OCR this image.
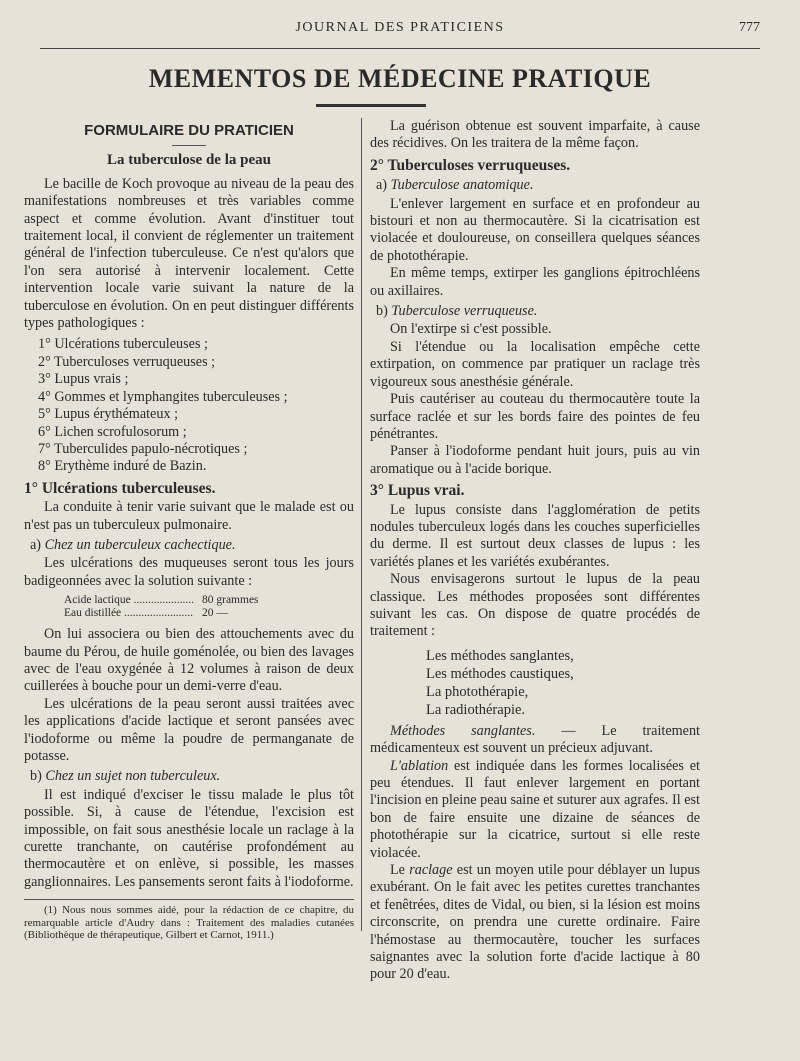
JOURNAL DES PRATICIENS	777
MEMENTOS DE MÉDECINE PRATIQUE
FORMULAIRE DU PRATICIEN
La tuberculose de la peau

Le bacille de Koch provoque au niveau de la peau des manifestations nombreuses et très variables comme aspect et comme évolution. Avant d'instituer tout traitement local, il convient de réglementer un traitement général de l'infection tuberculeuse. Ce n'est qu'alors que l'on sera autorisé à intervenir localement. Cette intervention locale varie suivant la nature de la tuberculose en évolution. On en peut distinguer différents types pathologiques :

1° Ulcérations tuberculeuses ;
2° Tuberculoses verruqueuses ;
3° Lupus vrais ;
4° Gommes et lymphangites tuberculeuses ;
5° Lupus érythémateux ;
6° Lichen scrofulosorum ;
7° Tuberculides papulo-nécrotiques ;
8° Erythème induré de Bazin.
1° Ulcérations tuberculeuses.

La conduite à tenir varie suivant que le malade est ou n'est pas un tuberculeux pulmonaire.

a) Chez un tuberculeux cachectique.

Les ulcérations des muqueuses seront tous les jours badigeonnées avec la solution suivante :

Acide lactique .....	80 grammes
Eau distillée .....	20 —

On lui associera ou bien des attouchements avec du baume du Pérou, de huile goménolée, ou bien des lavages avec de l'eau oxygénée à 12 volumes à raison de deux cuillerées à bouche pour un demi-verre d'eau.

Les ulcérations de la peau seront aussi traitées avec les applications d'acide lactique et seront pansées avec l'iodoforme ou même la poudre de permanganate de potasse.

b) Chez un sujet non tuberculeux.

Il est indiqué d'exciser le tissu malade le plus tôt possible. Si, à cause de l'étendue, l'excision est impossible, on fait sous anesthésie locale un raclage à la curette tranchante, on cautérise profondément au thermocautère et on enlève, si possible, les masses ganglionnaires. Les pansements seront faits à l'iodoforme.

(1) Nous nous sommes aidé, pour la rédaction de ce chapitre, du remarquable article d'Audry dans : Traitement des maladies cutanées (Bibliothèque de thérapeutique, Gilbert et Carnot, 1911.)

La guérison obtenue est souvent imparfaite, à cause des récidives. On les traitera de la même façon.

2° Tuberculoses verruqueuses.
a) Tuberculose anatomique.

L'enlever largement en surface et en profondeur au bistouri et non au thermocautère. Si la cicatrisation est violacée et douloureuse, on conseillera quelques séances de photothérapie.

En même temps, extirper les ganglions épitrochléens ou axillaires.

b) Tuberculose verruqueuse.

On l'extirpe si c'est possible.

Si l'étendue ou la localisation empêche cette extirpation, on commence par pratiquer un raclage très vigoureux sous anesthésie générale.

Puis cautériser au couteau du thermocautère toute la surface raclée et sur les bords faire des pointes de feu pénétrantes.

Panser à l'iodoforme pendant huit jours, puis au vin aromatique ou à l'acide borique.

3° Lupus vrai.

Le lupus consiste dans l'agglomération de petits nodules tuberculeux logés dans les couches superficielles du derme. Il est surtout deux classes de lupus : les variétés planes et les variétés exubérantes.

Nous envisagerons surtout le lupus de la peau classique. Les méthodes proposées sont différentes suivant les cas. On dispose de quatre procédés de traitement :

Les méthodes sanglantes,
Les méthodes caustiques,
La photothérapie,
La radiothérapie.

Méthodes sanglantes. — Le traitement médicamenteux est souvent un précieux adjuvant.

L'ablation est indiquée dans les formes localisées et peu étendues. Il faut enlever largement en portant l'incision en pleine peau saine et suturer aux agrafes. Il est bon de faire ensuite une dizaine de séances de photothérapie sur la cicatrice, surtout si elle reste violacée.

Le raclage est un moyen utile pour déblayer un lupus exubérant. On le fait avec les petites curettes tranchantes et fenêtrées, dites de Vidal, ou bien, si la lésion est moins circonscrite, on prendra une curette ordinaire. Faire l'hémostase au thermocautère, toucher les surfaces saignantes avec la solution forte d'acide lactique à 80 pour 20 d'eau.
